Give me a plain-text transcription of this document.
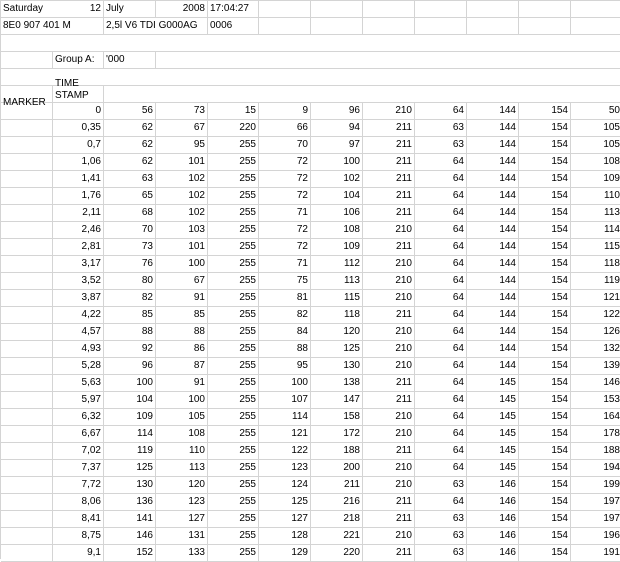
Saturday	12 July	2008 17:04:27
8E0 907 401 M	2,5l V6 TDI G000AG	0006
Group A:	'000
MARKER
TIME
STAMP
0	56	73	15	9	96	210	64	144	154	50
0,35	62	67	220	66	94	211	63	144	154	105
0,7	62	95	255	70	97	211	63	144	154	105
1,06	62	101	255	72	100	211	64	144	154	108
1,41	63	102	255	72	102	211	64	144	154	109
1,76	65	102	255	72	104	211	64	144	154	110
2,11	68	102	255	71	106	211	64	144	154	113
2,46	70	103	255	72	108	210	64	144	154	114
2,81	73	101	255	72	109	211	64	144	154	115
3,17	76	100	255	71	112	210	64	144	154	118
3,52	80	67	255	75	113	210	64	144	154	119
3,87	82	91	255	81	115	210	64	144	154	121
4,22	85	85	255	82	118	211	64	144	154	122
4,57	88	88	255	84	120	210	64	144	154	126
4,93	92	86	255	88	125	210	64	144	154	132
5,28	96	87	255	95	130	210	64	144	154	139
5,63	100	91	255	100	138	211	64	145	154	146
5,97	104	100	255	107	147	211	64	145	154	153
6,32	109	105	255	114	158	210	64	145	154	164
6,67	114	108	255	121	172	210	64	145	154	178
7,02	119	110	255	122	188	211	64	145	154	188
7,37	125	113	255	123	200	210	64	145	154	194
7,72	130	120	255	124	211	210	63	146	154	199
8,06	136	123	255	125	216	211	64	146	154	197
8,41	141	127	255	127	218	211	63	146	154	197
8,75	146	131	255	128	221	210	63	146	154	196
9,1	152	133	255	129	220	211	63	146	154	191
